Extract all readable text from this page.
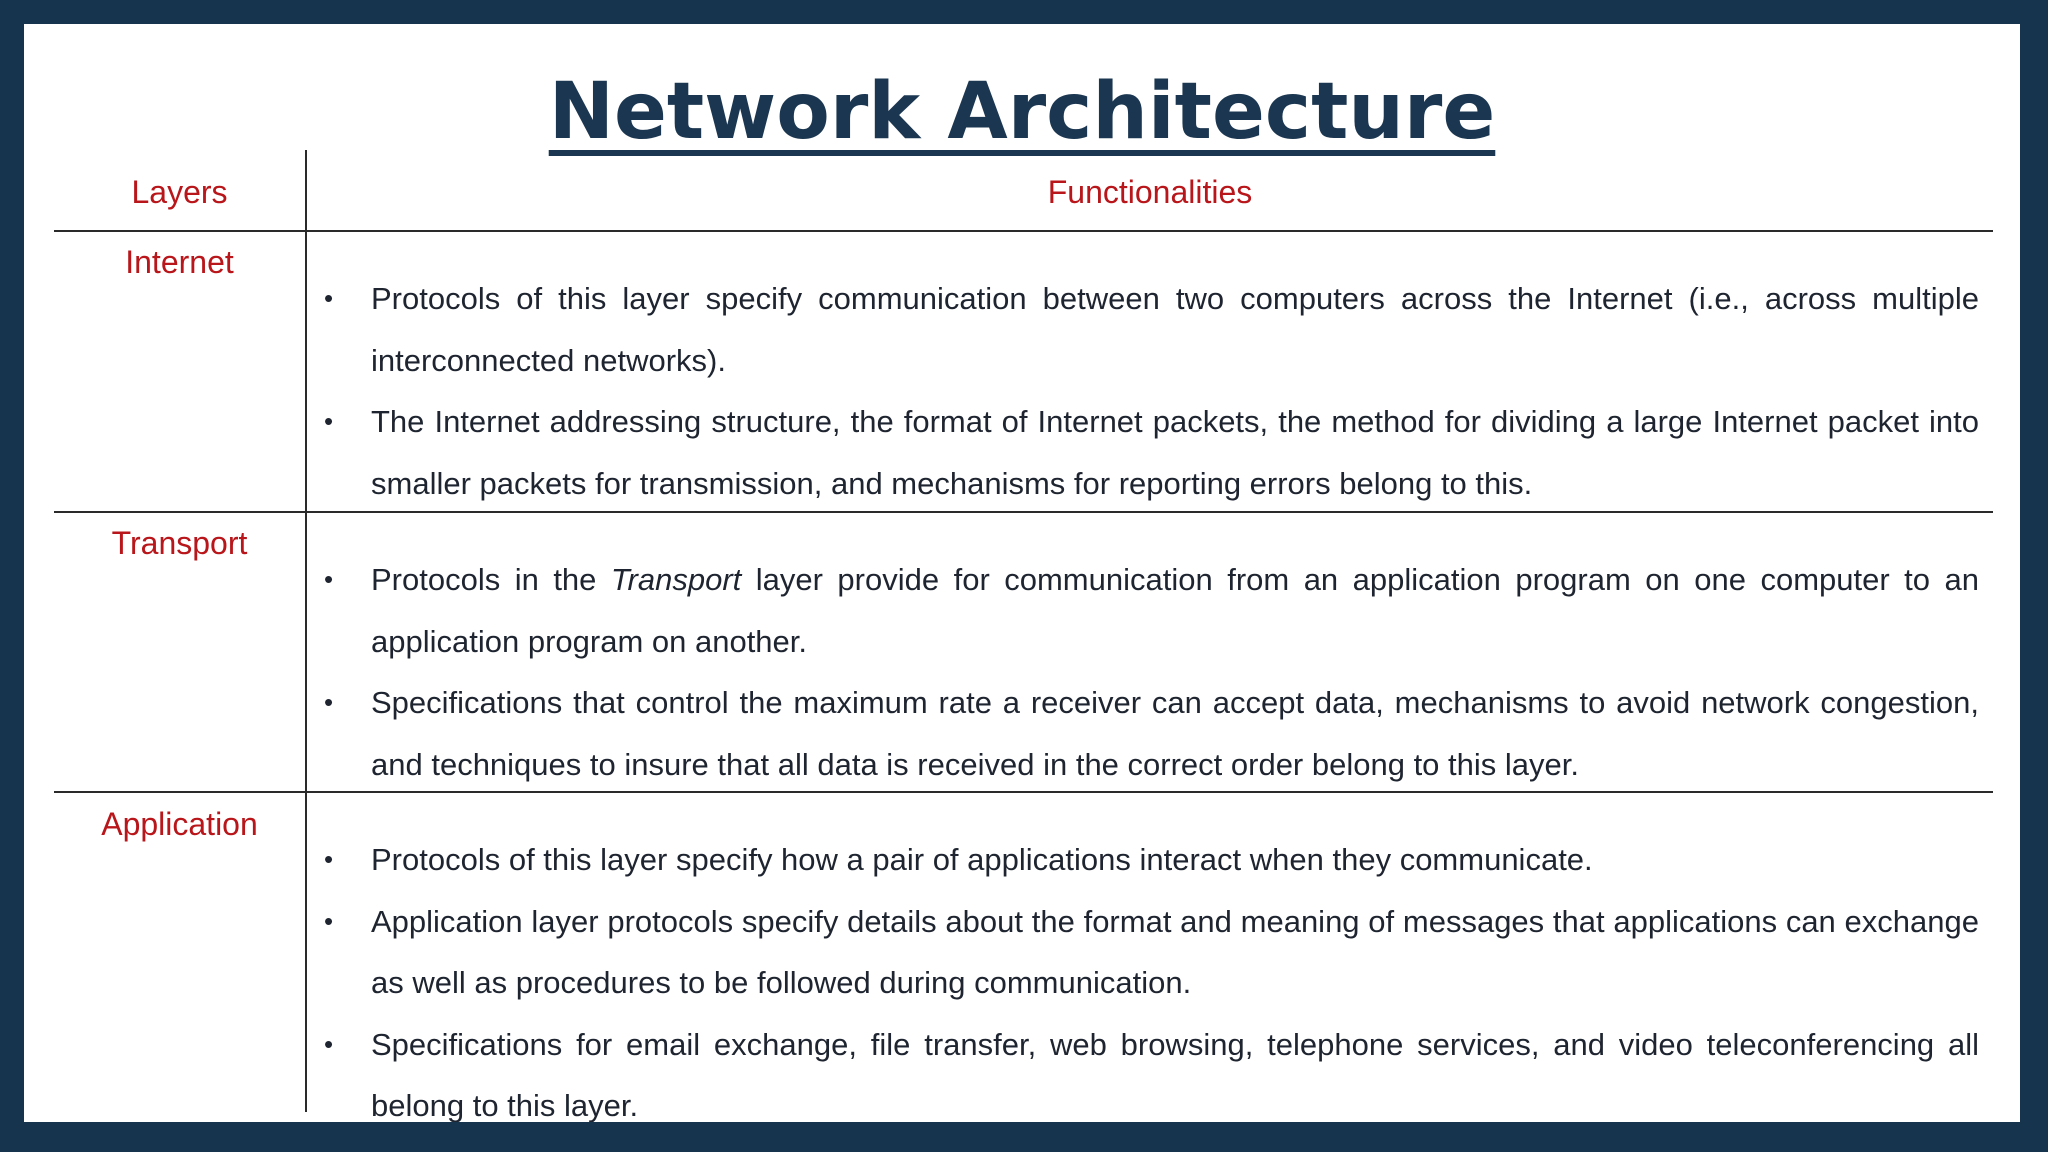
Network Architecture
Layers	Functionalities
Internet
• Protocols of this layer specify communication between two computers across the Internet (i.e., across multiple interconnected networks).
• The Internet addressing structure, the format of Internet packets, the method for dividing a large Internet packet into smaller packets for transmission, and mechanisms for reporting errors belong to this.
Transport
• Protocols in the Transport layer provide for communication from an application program on one computer to an application program on another.
• Specifications that control the maximum rate a receiver can accept data, mechanisms to avoid network congestion, and techniques to insure that all data is received in the correct order belong to this layer.
Application
• Protocols of this layer specify how a pair of applications interact when they communicate.
• Application layer protocols specify details about the format and meaning of messages that applications can exchange as well as procedures to be followed during communication.
• Specifications for email exchange, file transfer, web browsing, telephone services, and video teleconferencing all belong to this layer.
